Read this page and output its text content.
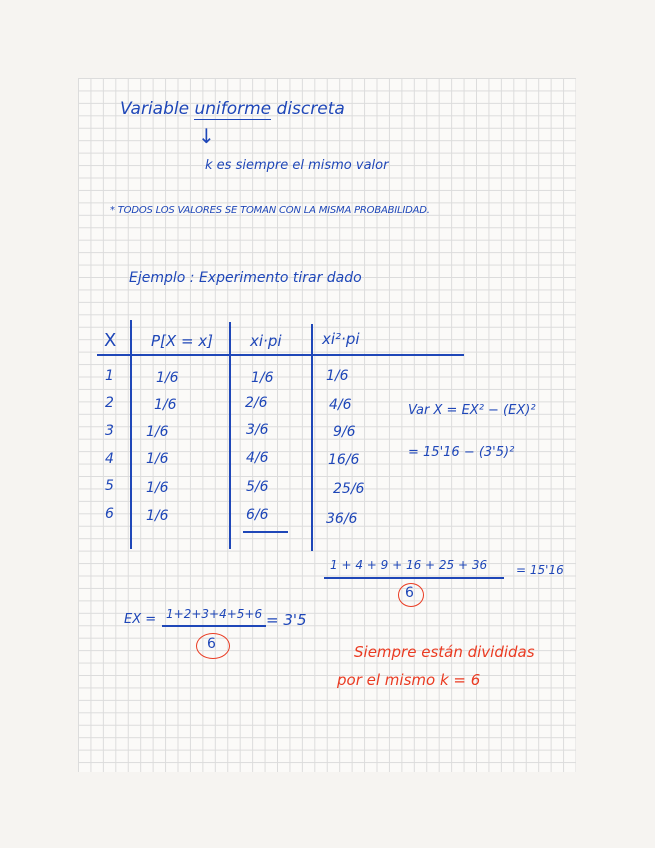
Variable uniforme discreta
↓
k es siempre el mismo valor
* TODOS LOS VALORES SE TOMAN CON LA MISMA PROBABILIDAD.
Ejemplo : Experimento tirar dado
X P[X = x] xi·pi	xi²·pi
1	1/6	1/6	1/6
2	1/6	2/6	4/6
3 1/6	3/6	9/6
4 1/6	4/6	16/6
5 1/6	5/6	25/6
6 1/6	6/6	36/6
Var X = EX² − (EX)²
= 15'16 − (3'5)²
1 + 4 + 9 + 16 + 25 + 36
6
= 15'16
EX = 1+2+3+4+5+6
6
= 3'5
Siempre están divididas
por el mismo k = 6
